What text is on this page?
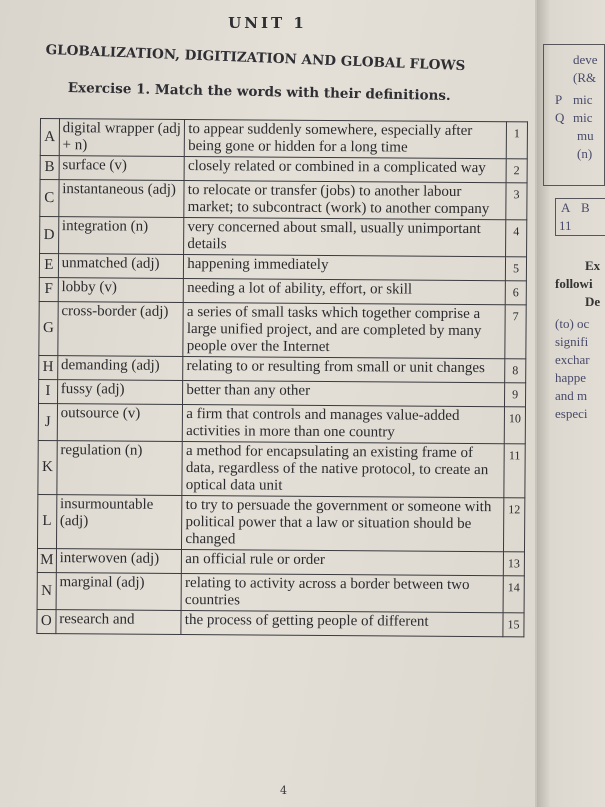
UNIT 1
GLOBALIZATION, DIGITIZATION AND GLOBAL FLOWS
Exercise 1. Match the words with their definitions.
A	digital wrapper (adj + n)	to appear suddenly somewhere, especially after being gone or hidden for a long time	1
B	surface (v)	closely related or combined in a complicated way	2
C	instantaneous (adj)	to relocate or transfer (jobs) to another labour market; to subcontract (work) to another company	3
D	integration (n)	very concerned about small, usually unimportant details	4
E	unmatched (adj)	happening immediately	5
F	lobby (v)	needing a lot of ability, effort, or skill	6
G	cross-border (adj)	a series of small tasks which together comprise a large unified project, and are completed by many people over the Internet	7
H	demanding (adj)	relating to or resulting from small or unit changes	8
I	fussy (adj)	better than any other	9
J	outsource (v)	a firm that controls and manages value-added activities in more than one country	10
K	regulation (n)	a method for encapsulating an existing frame of data, regardless of the native protocol, to create an optical data unit	11
L	insurmountable (adj)	to try to persuade the government or someone with political power that a law or situation should be changed	12
M	interwoven (adj)	an official rule or order	13
N	marginal (adj)	relating to activity across a border between two countries	14
O	research and	the process of getting people of different	15
4
deve
(R&
P mic
Q mic
mu
(n)
A B
11
Ex
followi
De
(to) oc
signifi
exchar
happe
and m
especi
